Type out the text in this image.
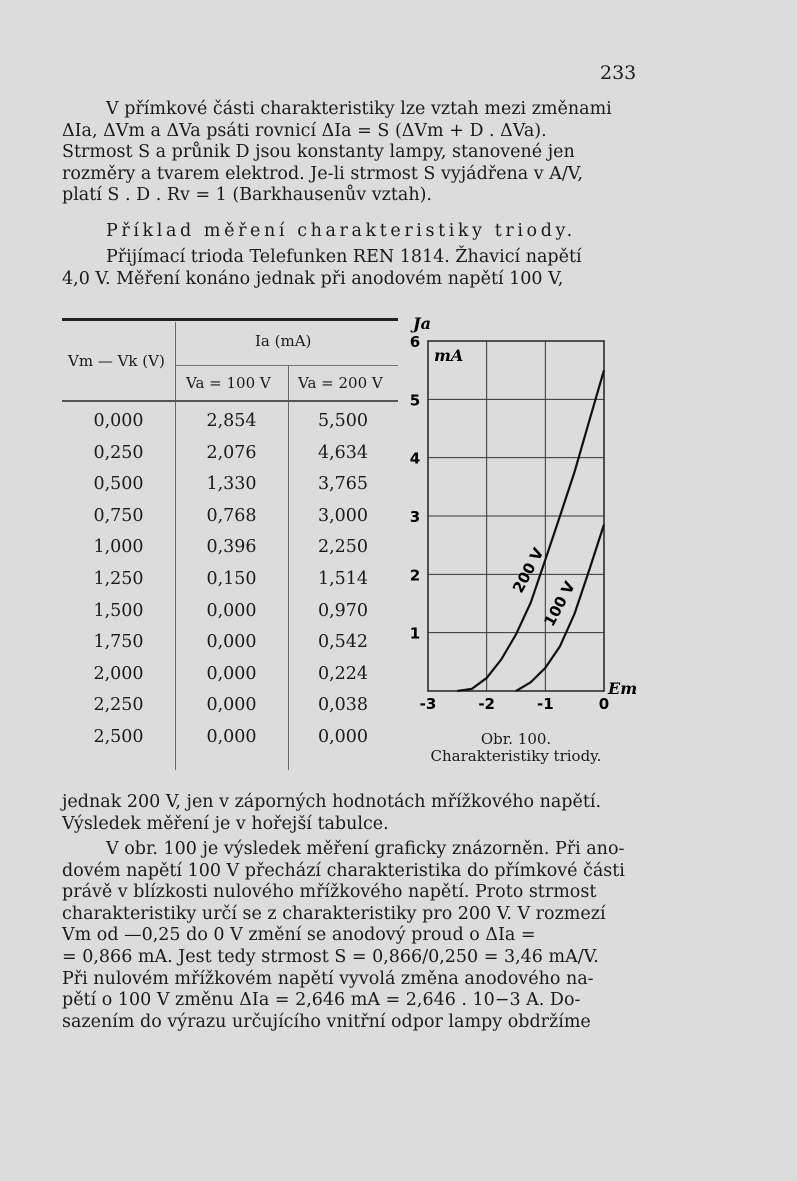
233
V přímkové části charakteristiky lze vztah mezi změnami
ΔIa, ΔVm a ΔVa psáti rovnicí ΔIa = S (ΔVm + D . ΔVa).
Strmost S a průnik D jsou konstanty lampy, stanovené jen
rozměry a tvarem elektrod. Je-li strmost S vyjádřena v A/V,
platí S . D . Rv = 1 (Barkhausenův vztah).
Příklad měření charakteristiky triody.
Přijímací trioda Telefunken REN 1814. Žhavicí napětí
4,0 V. Měření konáno jednak při anodovém napětí 100 V,
Vm — Vk (V)
Ia (mA)
Va = 100 V Va = 200 V
0,000	2,854	5,500
0,250	2,076	4,634
0,500	1,330	3,765
0,750	0,768	3,000
1,000	0,396	2,250
1,250	0,150	1,514
1,500	0,000	0,970
1,750	0,000	0,542
2,000	0,000	0,224
2,250	0,000	0,038
2,500	0,000	0,000
1
2
3
4
5
6
-3	-2	-1	0
Ja
Em
mA
200 V
100 V
Obr. 100.
Charakteristiky triody.
jednak 200 V, jen v záporných hodnotách mřížkového napětí.
Výsledek měření je v hořejší tabulce.
V obr. 100 je výsledek měření graficky znázorněn. Při ano-
dovém napětí 100 V přechází charakteristika do přímkové části
právě v blízkosti nulového mřížkového napětí. Proto strmost
charakteristiky určí se z charakteristiky pro 200 V. V rozmezí
Vm od —0,25 do 0 V změní se anodový proud o ΔIa =
= 0,866 mA. Jest tedy strmost S = 0,866/0,250 = 3,46 mA/V.
Při nulovém mřížkovém napětí vyvolá změna anodového na-
pětí o 100 V změnu ΔIa = 2,646 mA = 2,646 . 10−3 A. Do-
sazením do výrazu určujícího vnitřní odpor lampy obdržíme
